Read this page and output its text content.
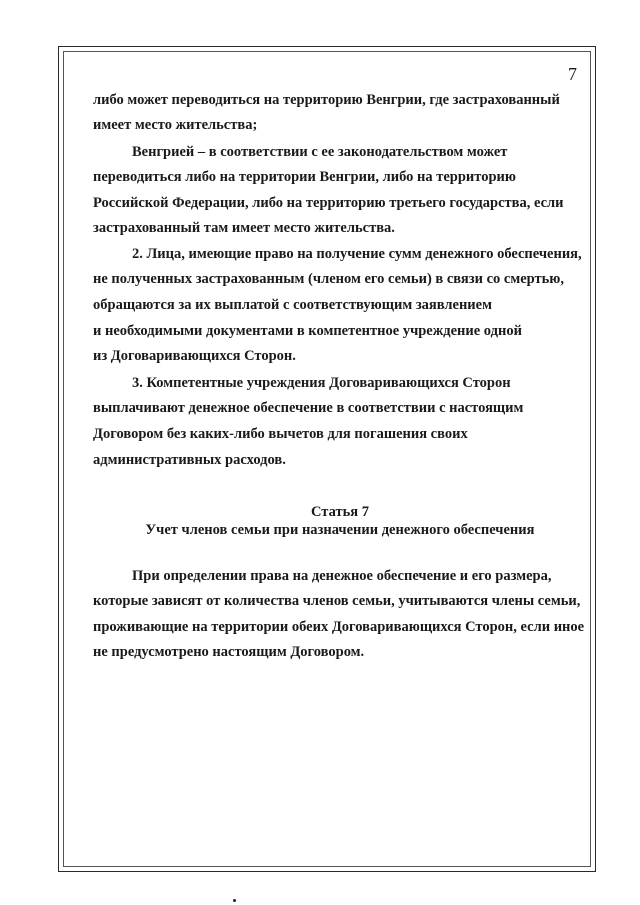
7
либо может переводиться на территорию Венгрии, где застрахованный
имеет место жительства;
Венгрией – в соответствии с ее законодательством может
переводиться либо на территории Венгрии, либо на территорию
Российской Федерации, либо на территорию третьего государства, если
застрахованный там имеет место жительства.
2. Лица, имеющие право на получение сумм денежного обеспечения,
не полученных застрахованным (членом его семьи) в связи со смертью,
обращаются за их выплатой с соответствующим заявлением
и необходимыми документами в компетентное учреждение одной
из Договаривающихся Сторон.
3. Компетентные учреждения Договаривающихся Сторон
выплачивают денежное обеспечение в соответствии с настоящим
Договором без каких-либо вычетов для погашения своих
административных расходов.
Статья 7
Учет членов семьи при назначении денежного обеспечения
При определении права на денежное обеспечение и его размера,
которые зависят от количества членов семьи, учитываются члены семьи,
проживающие на территории обеих Договаривающихся Сторон, если иное
не предусмотрено настоящим Договором.
